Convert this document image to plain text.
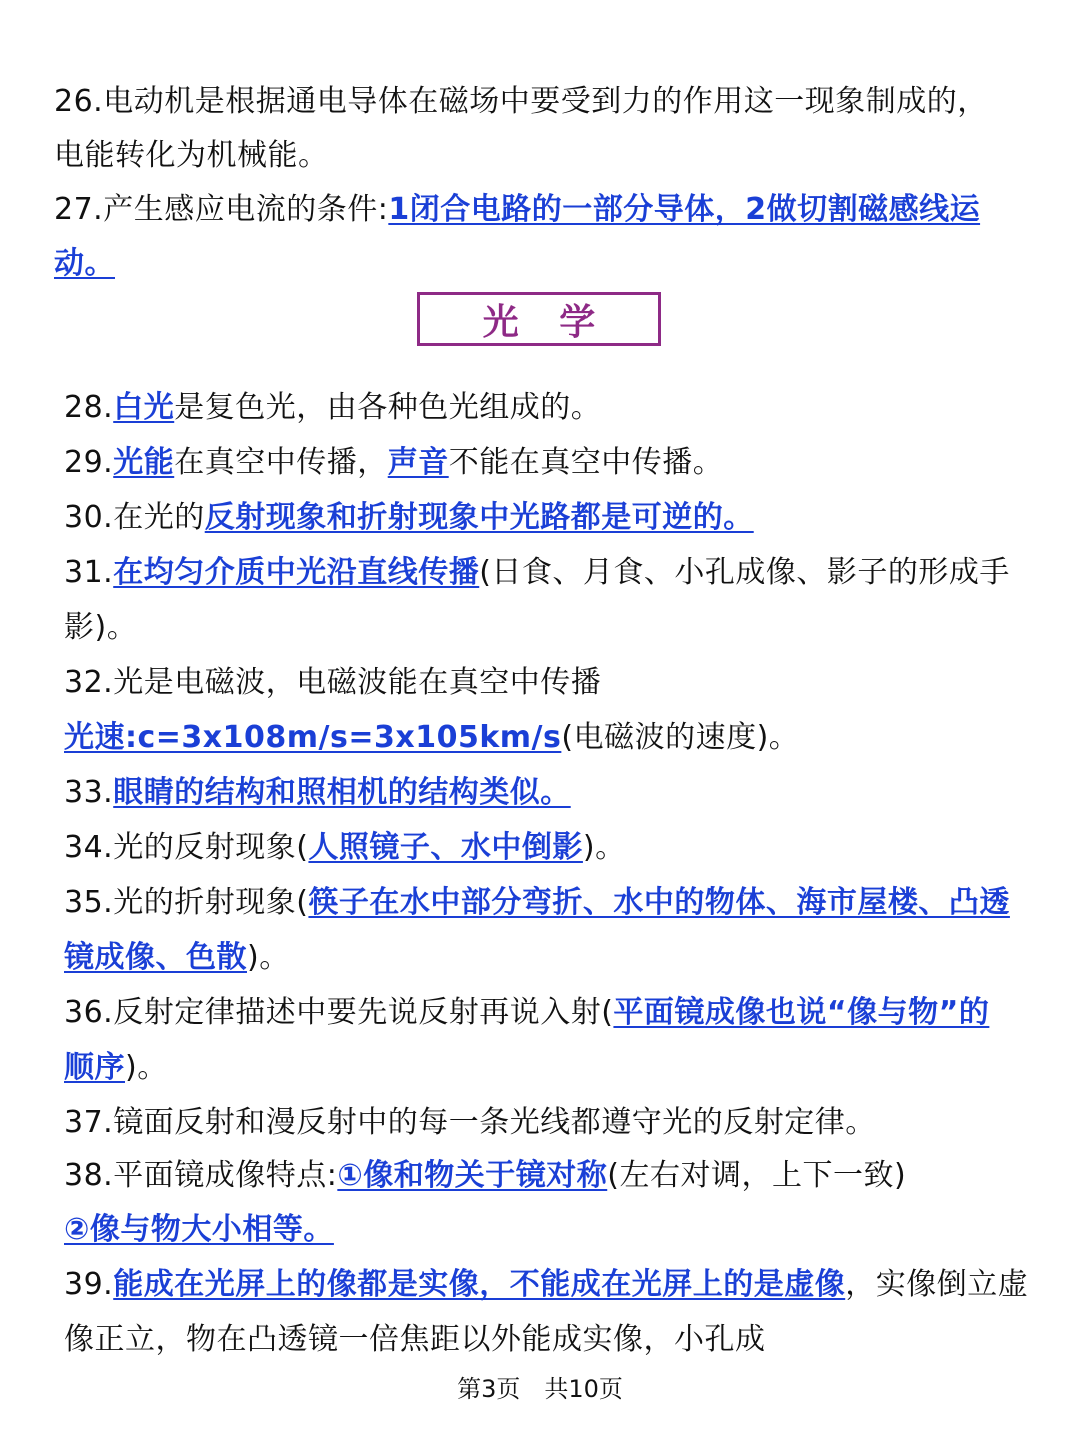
26.电动机是根据通电导体在磁场中要受到力的作用这一现象制成的，
电能转化为机械能。
27.产生感应电流的条件:1闭合电路的一部分导体，2做切割磁感线运
动。
光 学
28.白光是复色光，由各种色光组成的。
29.光能在真空中传播，声音不能在真空中传播。
30.在光的反射现象和折射现象中光路都是可逆的。
31.在均匀介质中光沿直线传播(日食、月食、小孔成像、影子的形成手
影)。
32.光是电磁波，电磁波能在真空中传播
光速:c=3x108m/s=3x105km/s(电磁波的速度)。
33.眼睛的结构和照相机的结构类似。
34.光的反射现象(人照镜子、水中倒影)。
35.光的折射现象(筷子在水中部分弯折、水中的物体、海市屋楼、凸透
镜成像、色散)。
36.反射定律描述中要先说反射再说入射(平面镜成像也说“像与物”的
顺序)。
37.镜面反射和漫反射中的每一条光线都遵守光的反射定律。
38.平面镜成像特点:①像和物关于镜对称(左右对调，上下一致)
②像与物大小相等。
39.能成在光屏上的像都是实像，不能成在光屏上的是虚像，实像倒立虚
像正立，物在凸透镜一倍焦距以外能成实像，小孔成
第3页 共10页
